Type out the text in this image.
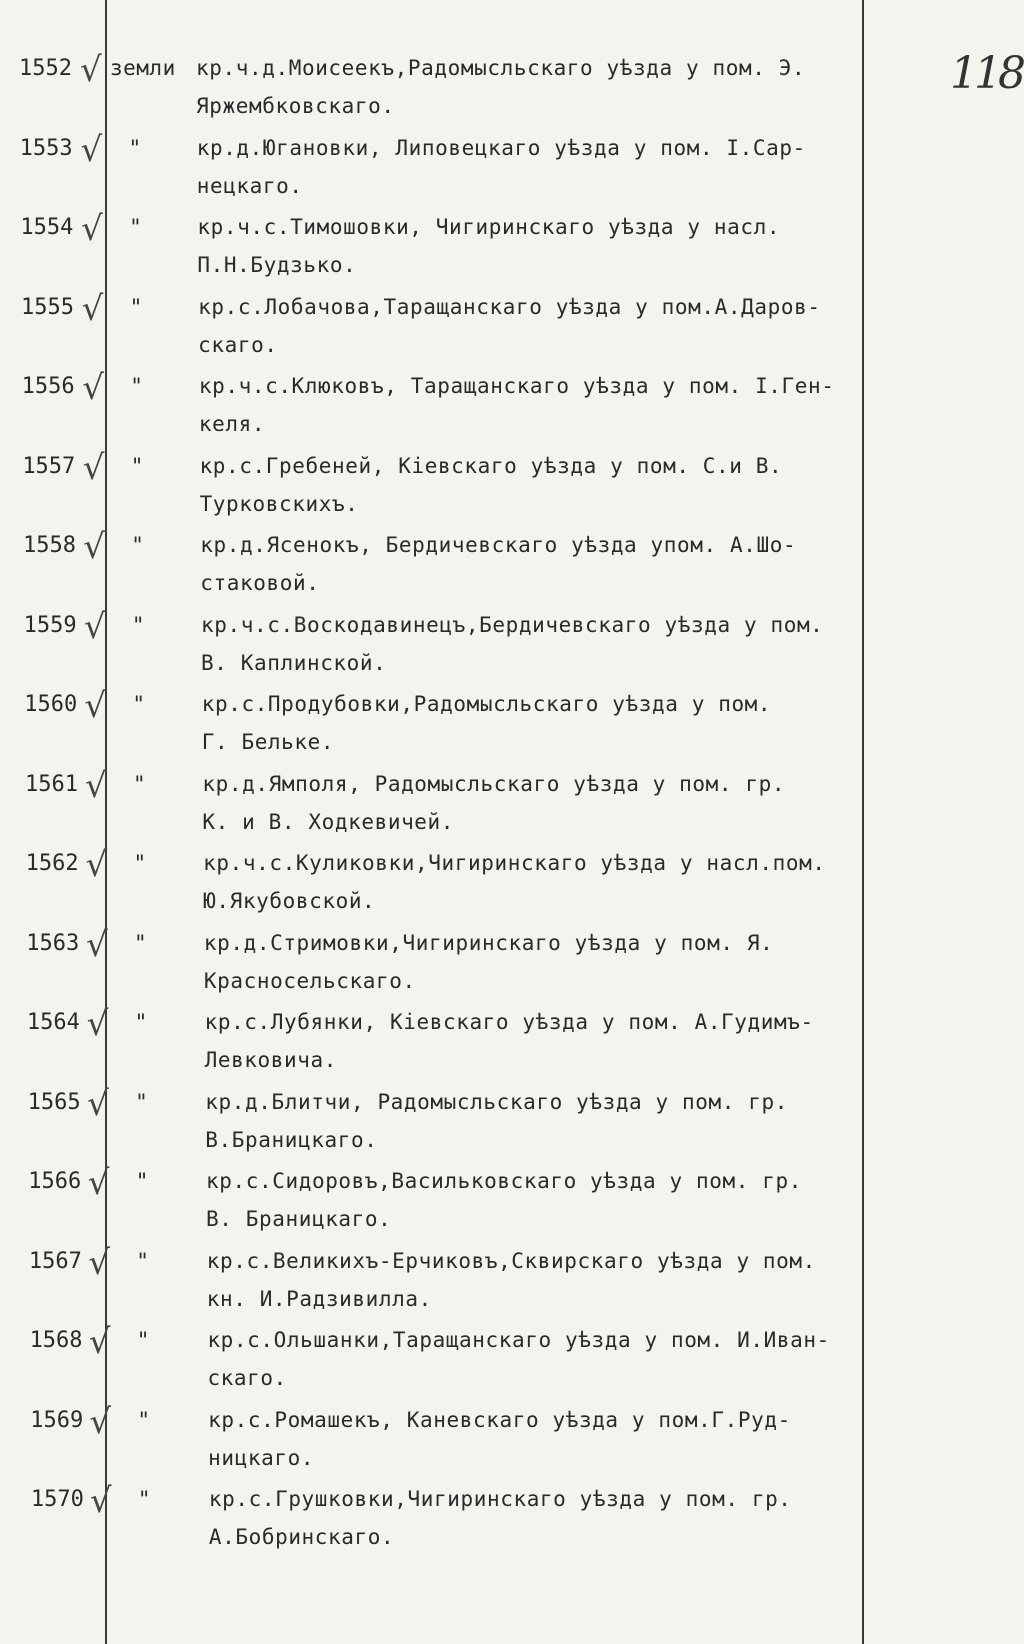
118
1552 √ земли кр.ч.д.Моисеекъ,Радомысльскаго уѣзда у пом. Э.
Яржембковскаго.
1553 √ "	кр.д.Югановки, Липовецкаго уѣзда у пом. I.Сар-
нецкаго.
1554 √ "	кр.ч.с.Тимошовки, Чигиринскаго уѣзда у насл.
П.Н.Будзько.
1555 √ "	кр.с.Лобачова,Таращанскаго уѣзда у пом.А.Даров-
скаго.
1556 √ "	кр.ч.с.Клюковъ, Таращанскаго уѣзда у пом. I.Ген-
келя.
1557 √ "	кр.с.Гребеней, Кіевскаго уѣзда у пом. С.и В.
Турковскихъ.
1558 √ "	кр.д.Ясенокъ, Бердичевскаго уѣзда упом. А.Шо-
стаковой.
1559 √ "	кр.ч.с.Воскодавинецъ,Бердичевскаго уѣзда у пом.
В. Каплинской.
1560 √ "	кр.с.Продубовки,Радомысльскаго уѣзда у пом.
Г. Белькe.
1561 √ "	кр.д.Ямполя, Радомысльскаго уѣзда у пом. гр.
К. и В. Ходкевичей.
1562 √ "	кр.ч.с.Куликовки,Чигиринскаго уѣзда у насл.пом.
Ю.Якубовской.
1563 √ "	кр.д.Стримовки,Чигиринскаго уѣзда у пом. Я.
Красносельскаго.
1564 √ "	кр.с.Лубянки, Кіевскаго уѣзда у пом. А.Гудимъ-
Левковича.
1565 √ "	кр.д.Блитчи, Радомысльскаго уѣзда у пом. гр.
В.Браницкаго.
1566 √ "	кр.с.Сидоровъ,Васильковскаго уѣзда у пом. гр.
В. Браницкаго.
1567 √ "	кр.с.Великихъ-Ерчиковъ,Сквирскаго уѣзда у пом.
кн. И.Радзивилла.
1568 √ "	кр.с.Ольшанки,Таращанскаго уѣзда у пом. И.Иван-
скаго.
1569 √ "	кр.с.Ромашекъ, Каневскаго уѣзда у пом.Г.Руд-
ницкаго.
1570 √ "	кр.с.Грушковки,Чигиринскаго уѣзда у пом. гр.
А.Бобринскаго.
